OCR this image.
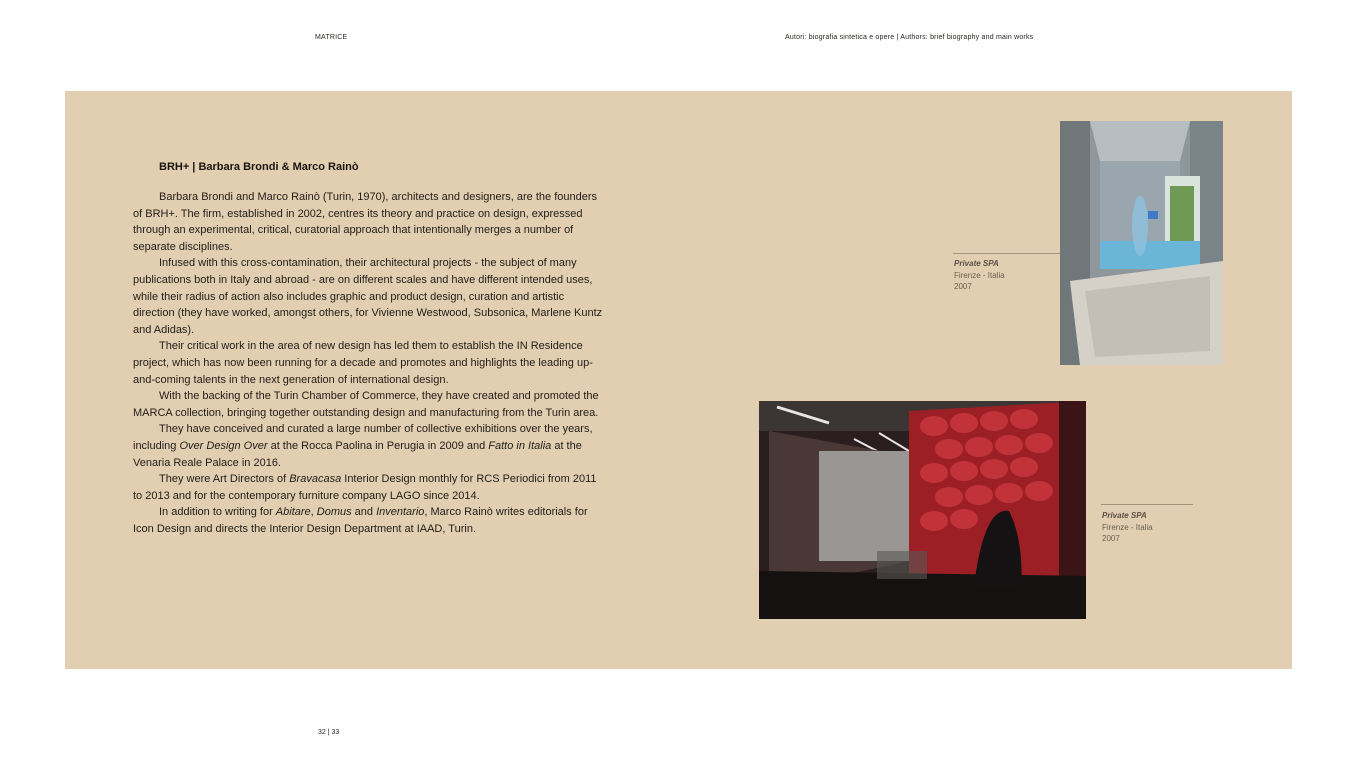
MATRICE	Autori: biografia sintetica e opere | Authors: brief biography and main works
BRH+ | Barbara Brondi & Marco Rainò

Barbara Brondi and Marco Rainò (Turin, 1970), architects and designers, are the founders of BRH+. The firm, established in 2002, centres its theory and practice on design, expressed through an experimental, critical, curatorial approach that intentionally merges a number of separate disciplines.

Infused with this cross-contamination, their architectural projects - the subject of many publications both in Italy and abroad - are on different scales and have different intended uses, while their radius of action also includes graphic and product design, curation and artistic direction (they have worked, amongst others, for Vivienne Westwood, Subsonica, Marlene Kuntz and Adidas).

Their critical work in the area of new design has led them to establish the IN Residence project, which has now been running for a decade and promotes and highlights the leading up-and-coming talents in the next generation of international design.

With the backing of the Turin Chamber of Commerce, they have created and promoted the MARCA collection, bringing together outstanding design and manufacturing from the Turin area.

They have conceived and curated a large number of collective exhibitions over the years, including Over Design Over at the Rocca Paolina in Perugia in 2009 and Fatto in Italia at the Venaria Reale Palace in 2016.

They were Art Directors of Bravacasa Interior Design monthly for RCS Periodici from 2011 to 2013 and for the contemporary furniture company LAGO since 2014.

In addition to writing for Abitare, Domus and Inventario, Marco Rainò writes editorials for Icon Design and directs the Interior Design Department at IAAD, Turin.

Private SPA
Firenze - Italia
2007
Private SPA
Firenze - Italia
2007
32 | 33
